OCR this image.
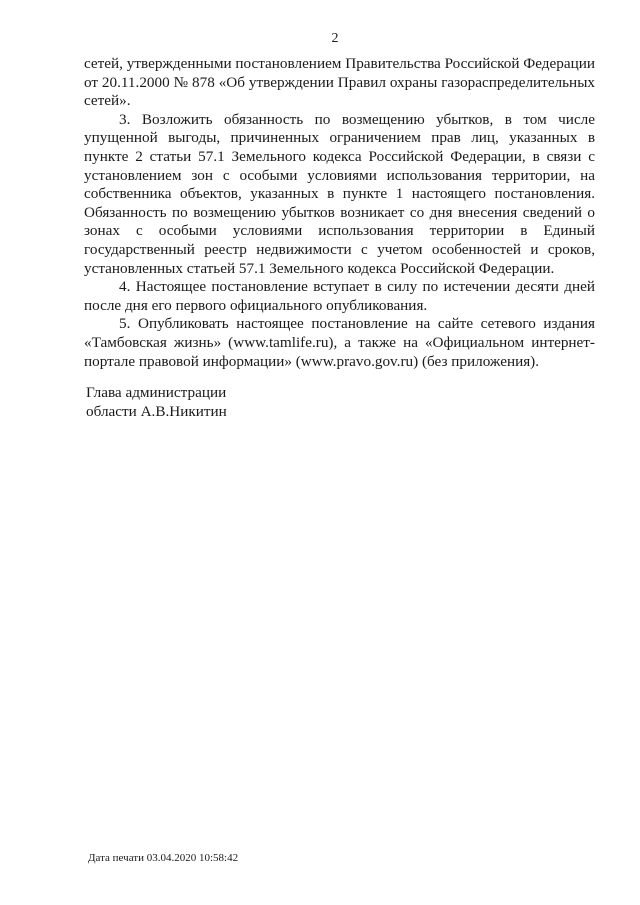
2

сетей, утвержденными постановлением Правительства Российской Федерации от 20.11.2000 № 878 «Об утверждении Правил охраны газораспределительных сетей».

3. Возложить обязанность по возмещению убытков, в том числе упущенной выгоды, причиненных ограничением прав лиц, указанных в пункте 2 статьи 57.1 Земельного кодекса Российской Федерации, в связи с установлением зон с особыми условиями использования территории, на собственника объектов, указанных в пункте 1 настоящего постановления. Обязанность по возмещению убытков возникает со дня внесения сведений о зонах с особыми условиями использования территории в Единый государственный реестр недвижимости с учетом особенностей и сроков, установленных статьей 57.1 Земельного кодекса Российской Федерации.

4. Настоящее постановление вступает в силу по истечении десяти дней после дня его первого официального опубликования.

5. Опубликовать настоящее постановление на сайте сетевого издания «Тамбовская жизнь» (www.tamlife.ru), а также на «Официальном интернет-портале правовой информации» (www.pravo.gov.ru) (без приложения).

Глава администрации
области А.В.Никитин
Дата печати 03.04.2020 10:58:42
